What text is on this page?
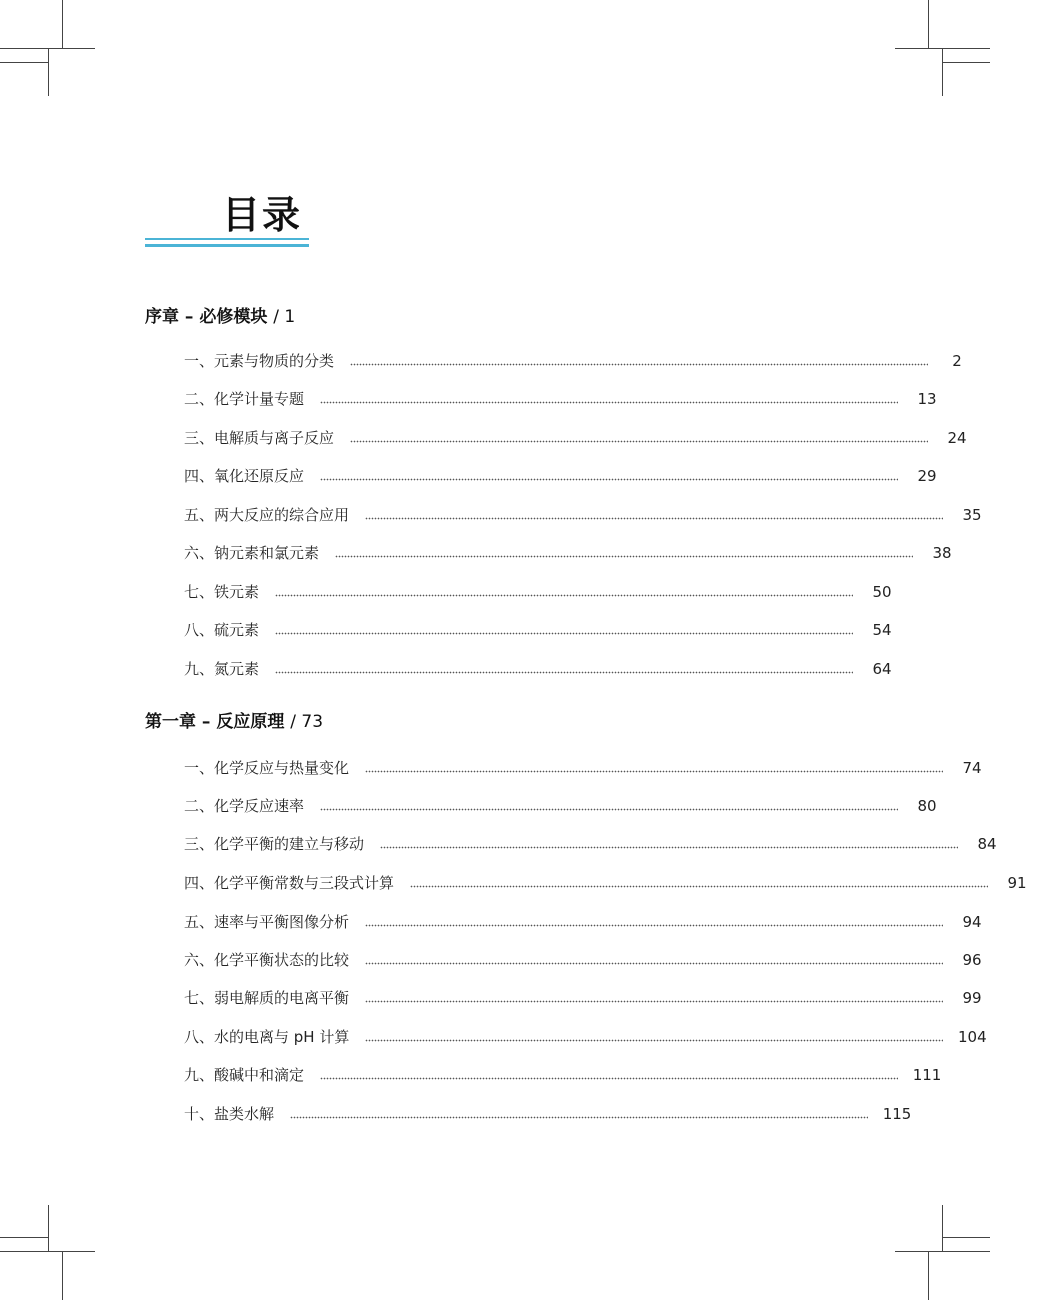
目录
序章 – 必修模块 / 1
一、元素与物质的分类	2
二、化学计量专题	13
三、电解质与离子反应	24
四、氧化还原反应	29
五、两大反应的综合应用	35
六、钠元素和氯元素	38
七、铁元素	50
八、硫元素	54
九、氮元素	64
第一章 – 反应原理 / 73
一、化学反应与热量变化	74
二、化学反应速率	80
三、化学平衡的建立与移动	84
四、化学平衡常数与三段式计算	91
五、速率与平衡图像分析	94
六、化学平衡状态的比较	96
七、弱电解质的电离平衡	99
八、水的电离与 pH 计算	104
九、酸碱中和滴定	111
十、盐类水解	115
